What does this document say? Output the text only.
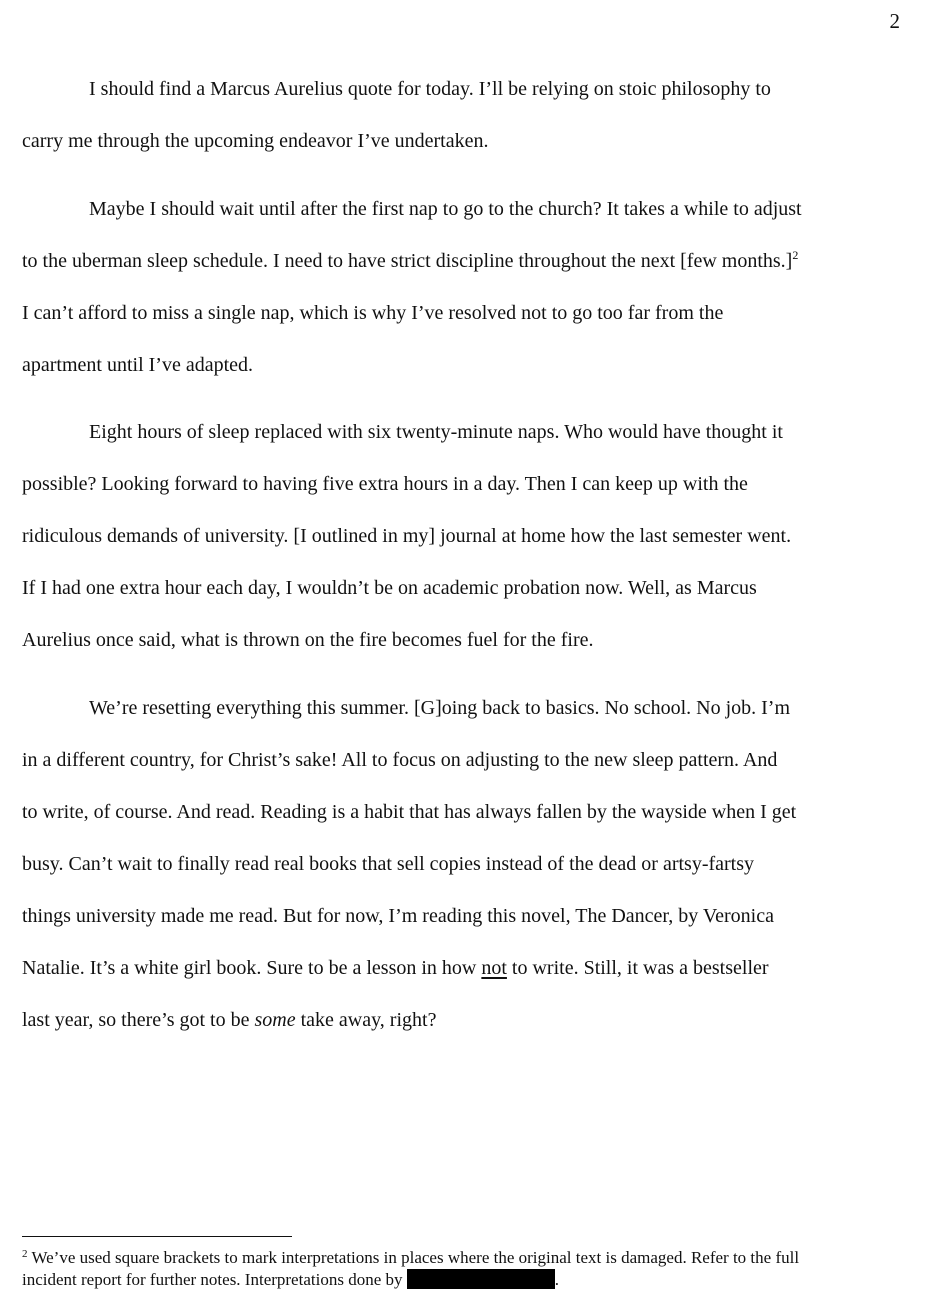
2

I should find a Marcus Aurelius quote for today. I’ll be relying on stoic philosophy to
carry me through the upcoming endeavor I’ve undertaken.

Maybe I should wait until after the first nap to go to the church? It takes a while to adjust
to the uberman sleep schedule. I need to have strict discipline throughout the next [few months.]$^2$
I can’t afford to miss a single nap, which is why I’ve resolved not to go too far from the
apartment until I’ve adapted.

Eight hours of sleep replaced with six twenty-minute naps. Who would have thought it
possible? Looking forward to having five extra hours in a day. Then I can keep up with the
ridiculous demands of university. [I outlined in my] journal at home how the last semester went.
If I had one extra hour each day, I wouldn’t be on academic probation now. Well, as Marcus
Aurelius once said, what is thrown on the fire becomes fuel for the fire.

We’re resetting everything this summer. [G]oing back to basics. No school. No job. I’m
in a different country, for Christ’s sake! All to focus on adjusting to the new sleep pattern. And
to write, of course. And read. Reading is a habit that has always fallen by the wayside when I get
busy. Can’t wait to finally read real books that sell copies instead of the dead or artsy-fartsy
things university made me read. But for now, I’m reading this novel, The Dancer, by Veronica
Natalie. It’s a white girl book. Sure to be a lesson in how not to write. Still, it was a bestseller
last year, so there’s got to be some take away, right?

$^2$ We’ve used square brackets to mark interpretations in places where the original text is damaged. Refer to the full
incident report for further notes. Interpretations done by	.
